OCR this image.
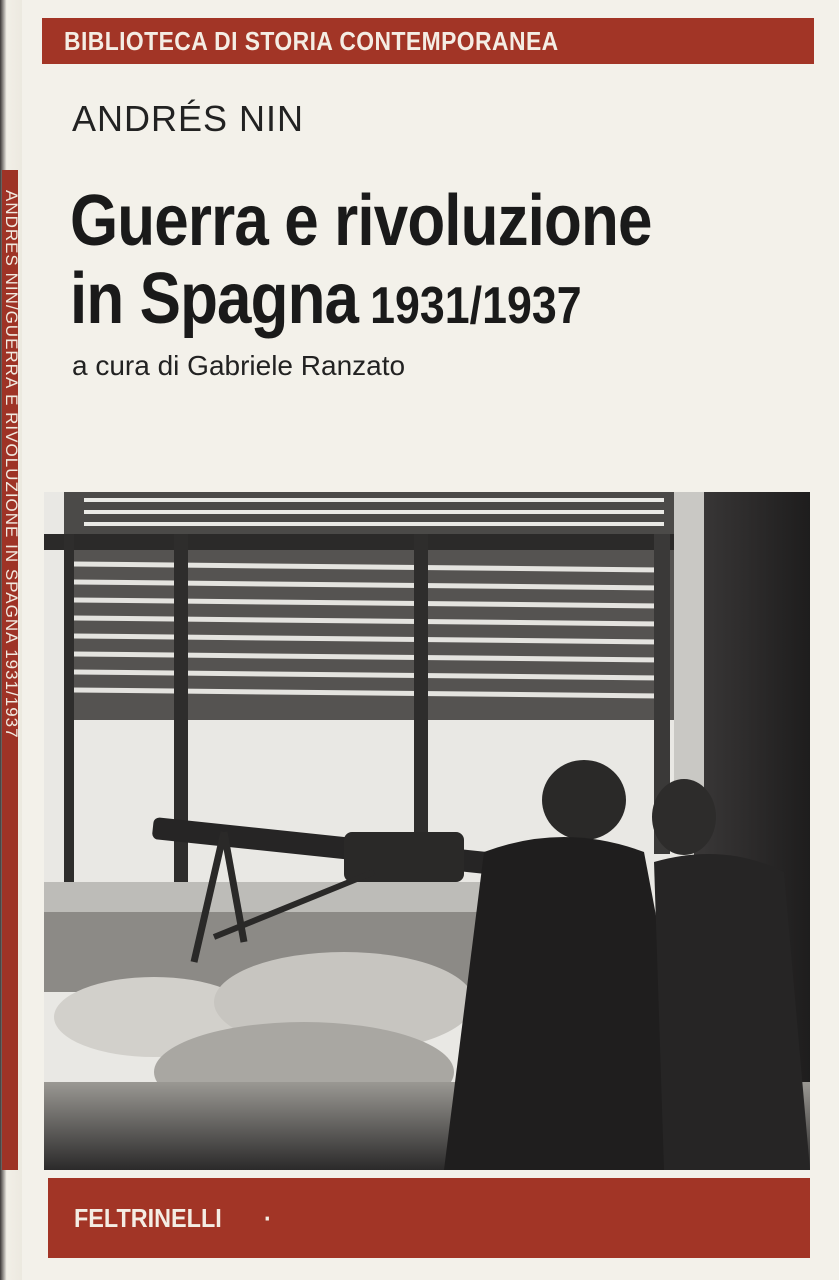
ANDRÉS NIN/GUERRA E RIVOLUZIONE IN SPAGNA 1931/1937
BIBLIOTECA DI STORIA CONTEMPORANEA
ANDRÉS NIN
Guerra e rivoluzione
in Spagna 1931/1937
a cura di Gabriele Ranzato
FELTRINELLI ·
